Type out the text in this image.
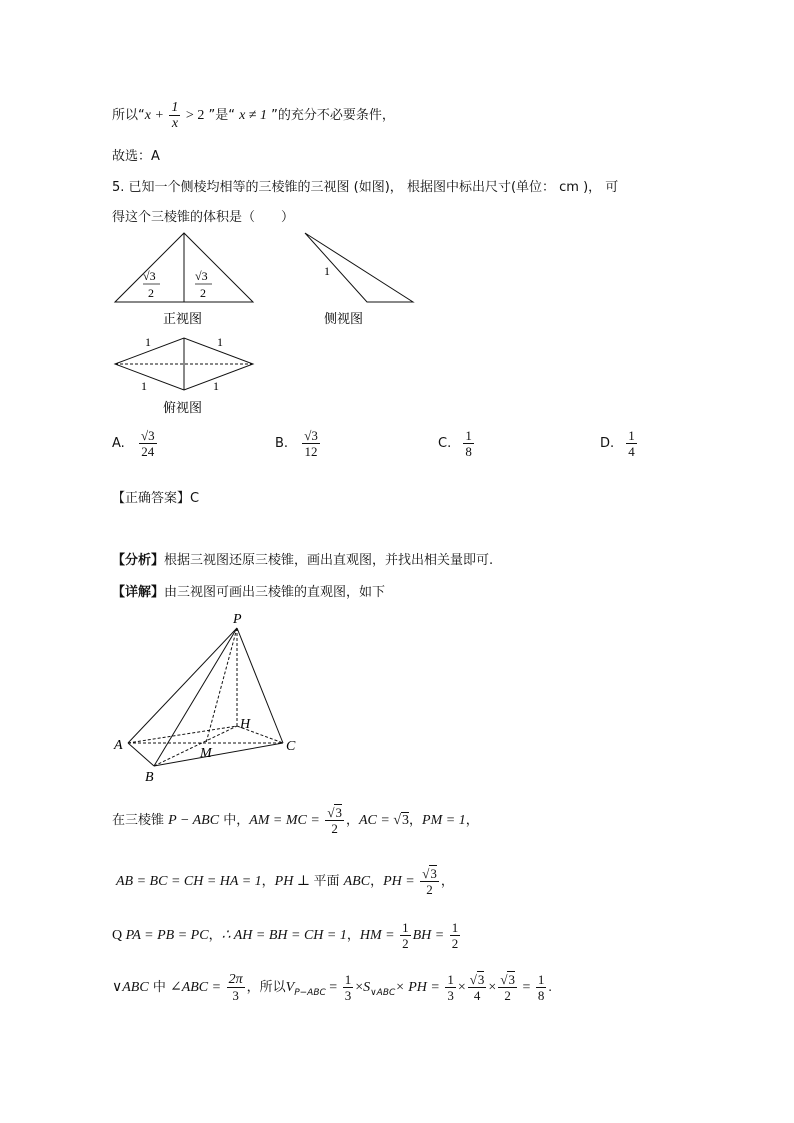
所以“$x + \frac{1}{x} > 2$ ”是“ x ≠ 1 ”的充分不必要条件，
故选：A
5. 已知一个侧棱均相等的三棱锥的三视图 (如图)， 根据图中标出尺寸(单位： cm )， 可
得这个三棱锥的体积是（　　）
√3
2
√3
2
正视图
1
侧视图
1	1
1	1
俯视图
A. $\frac{√3}{24}$	B. $\frac{√3}{12}$	C. $\frac{1}{8}$	D. $\frac{1}{4}$
【正确答案】C
【分析】根据三视图还原三棱锥，画出直观图，并找出相关量即可.
【详解】由三视图可画出三棱锥的直观图，如下
P
A
B
C
H
M
在三棱锥 P − ABC 中，AM = MC = $\frac{√3}{2}$ ，AC = √3，PM = 1，
AB = BC = CH = HA = 1，PH ⊥ 平面 ABC，PH = $\frac{√3}{2}$ ，
Q PA = PB = PC，∴ AH = BH = CH = 1，HM = $\frac{1}{2}$ BH = $\frac{1}{2}$
∨ABC 中 ∠ABC = $\frac{2\pi}{3}$ ，所以$V_{P-ABC} = \frac{1}{3} \times S_{\vee ABC}\times$ PH = $\frac{1}{3} \times \frac{√3}{4} \times \frac{√3}{2} = \frac{1}{8}$ .
